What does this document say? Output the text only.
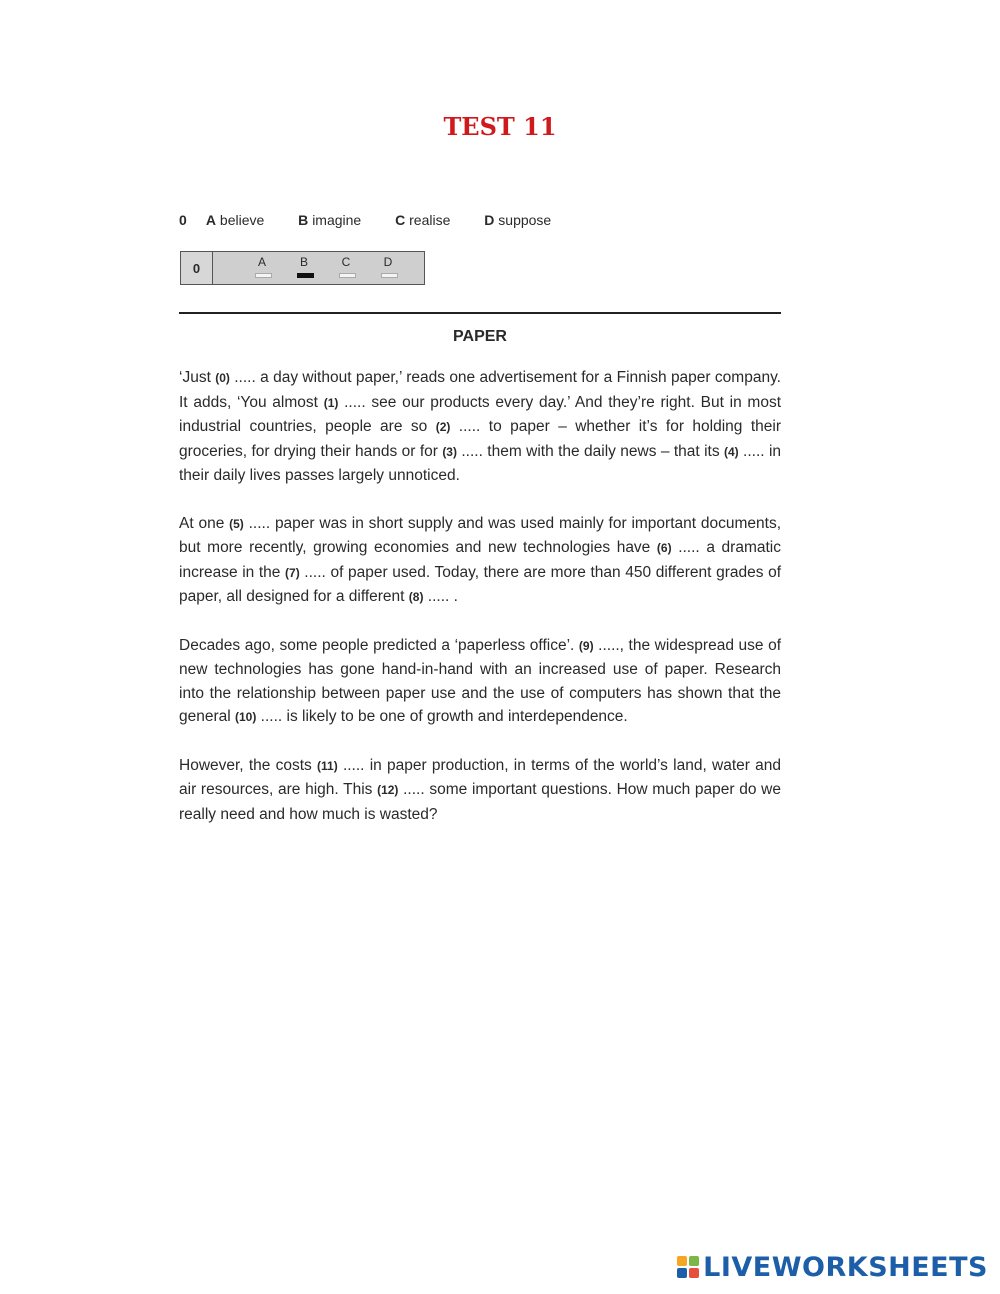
TEST 11
0 A believe B imagine C realise D suppose
0	A	B	C	D
PAPER

‘Just (0) ..... a day without paper,’ reads one advertisement for a Finnish paper company. It adds, ‘You almost (1) ..... see our products every day.’ And they’re right. But in most industrial countries, people are so (2) ..... to paper – whether it’s for holding their groceries, for drying their hands or for (3) ..... them with the daily news – that its (4) ..... in their daily lives passes largely unnoticed.

At one (5) ..... paper was in short supply and was used mainly for important documents, but more recently, growing economies and new technologies have (6) ..... a dramatic increase in the (7) ..... of paper used. Today, there are more than 450 different grades of paper, all designed for a different (8) ..... .

Decades ago, some people predicted a ‘paperless office’. (9) ....., the widespread use of new technologies has gone hand-in-hand with an increased use of paper. Research into the relationship between paper use and the use of computers has shown that the general (10) ..... is likely to be one of growth and interdependence.

However, the costs (11) ..... in paper production, in terms of the world’s land, water and air resources, are high. This (12) ..... some important questions. How much paper do we really need and how much is wasted?

LIVEWORKSHEETS
